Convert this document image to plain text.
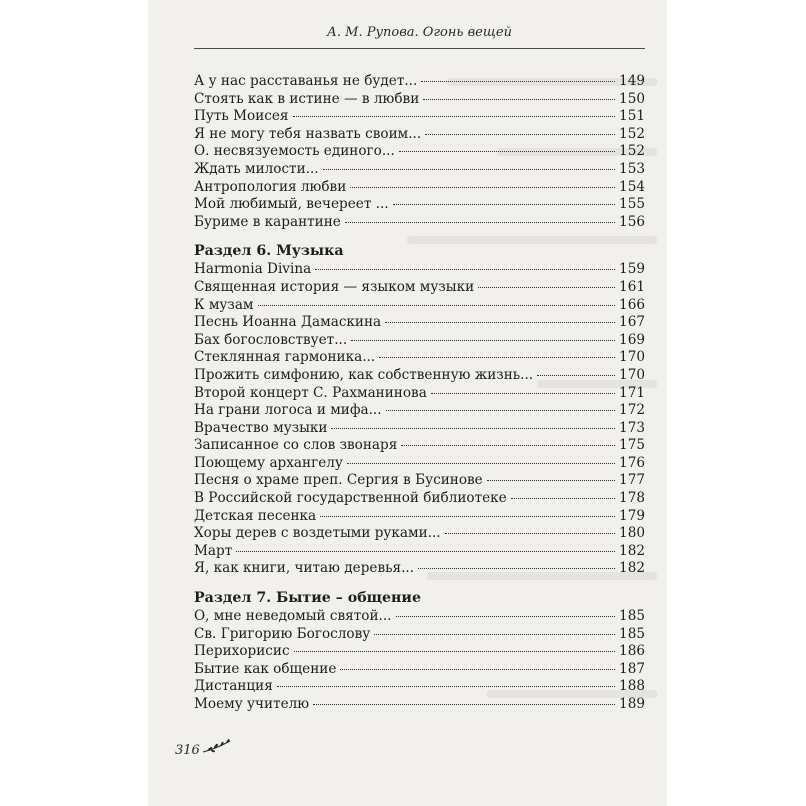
А. М. Рупова. Огонь вещей
А у нас расставанья не будет...	149
Стоять как в истине — в любви	150
Путь Моисея	151
Я не могу тебя назвать своим...	152
О. несвязуемость единого...	152
Ждать милости...	153
Антропология любви	154
Мой любимый, вечереет ...	155
Буриме в карантине	156
Раздел 6. Музыка
Harmonia Divina	159
Священная история — языком музыки	161
К музам	166
Песнь Иоанна Дамаскина	167
Бах богословствует...	169
Стеклянная гармоника...	170
Прожить симфонию, как собственную жизнь...	170
Второй концерт С. Рахманинова	171
На грани логоса и мифа...	172
Врачество музыки	173
Записанное со слов звонаря	175
Поющему архангелу	176
Песня о храме преп. Сергия в Бусинове	177
В Российской государственной библиотеке	178
Детская песенка	179
Хоры дерев с воздетыми руками...	180
Март	182
Я, как книги, читаю деревья...	182
Раздел 7. Бытие – общение
О, мне неведомый святой...	185
Св. Григорию Богослову	185
Перихорисис	186
Бытие как общение	187
Дистанция	188
Моему учителю	189
316
